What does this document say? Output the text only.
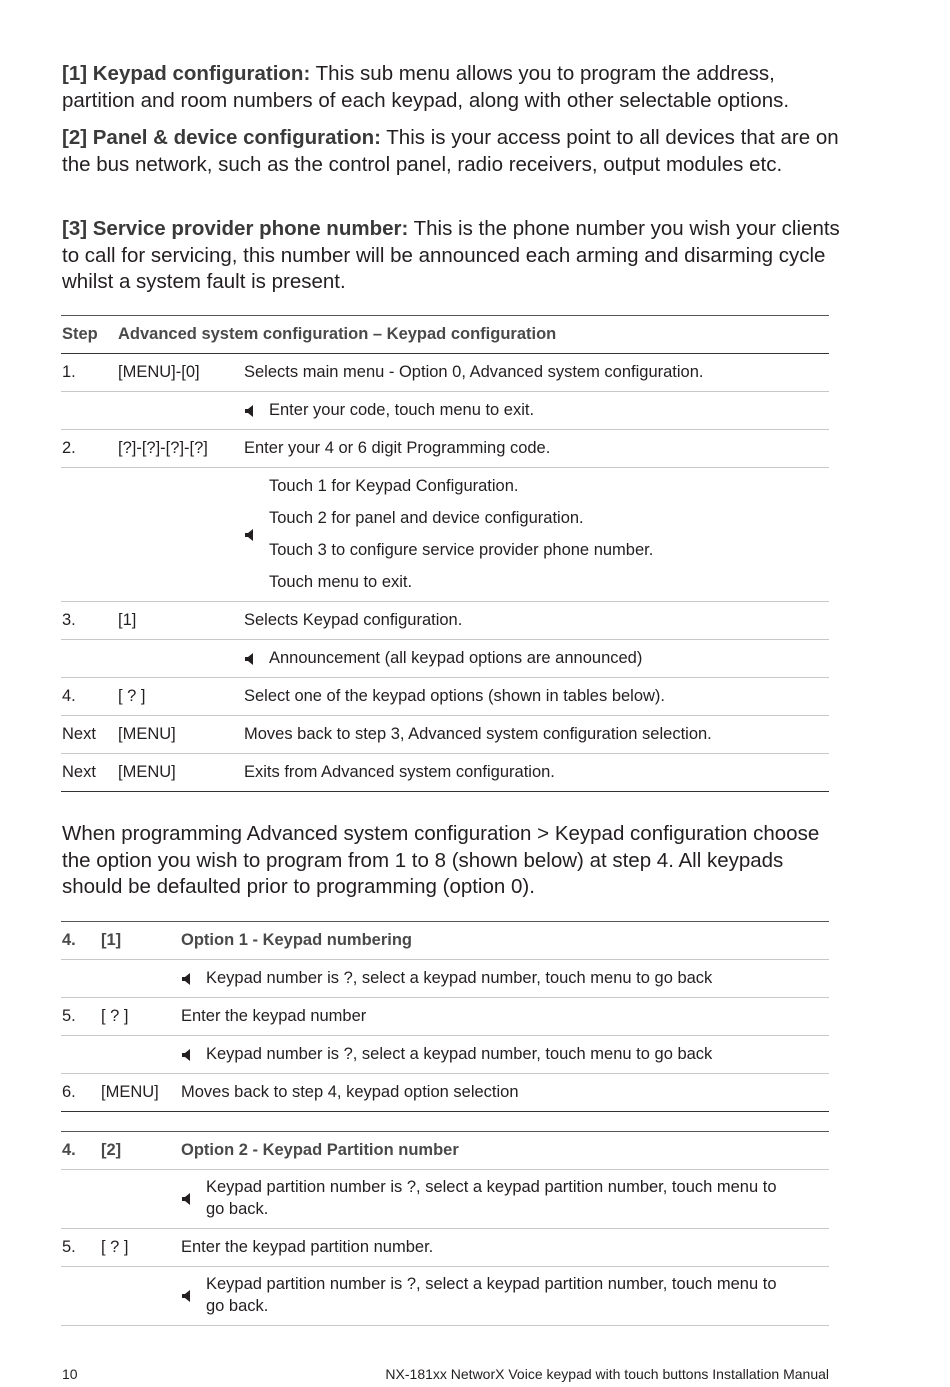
[1] Keypad configuration: This sub menu allows you to program the address, partition and room numbers of each keypad, along with other selectable options.

[2] Panel & device configuration: This is your access point to all devices that are on the bus network, such as the control panel, radio receivers, output modules etc.

[3] Service provider phone number: This is the phone number you wish your clients to call for servicing, this number will be announced each arming and disarming cycle whilst a system fault is present.

Step Advanced system configuration – Keypad configuration
1.	[MENU]-[0]	Selects main menu - Option 0, Advanced system configuration.
Enter your code, touch menu to exit.
2.	[?]-[?]-[?]-[?] Enter your 4 or 6 digit Programming code.
Touch 1 for Keypad Configuration.
Touch 2 for panel and device configuration.
Touch 3 to configure service provider phone number.
Touch menu to exit.
3.	[1]	Selects Keypad configuration.
Announcement (all keypad options are announced)
4.	[ ? ]	Select one of the keypad options (shown in tables below).
Next [MENU]	Moves back to step 3, Advanced system configuration selection.
Next [MENU]	Exits from Advanced system configuration.

When programming Advanced system configuration > Keypad configuration choose the option you wish to program from 1 to 8 (shown below) at step 4. All keypads should be defaulted prior to programming (option 0).

4. [1]	Option 1 - Keypad numbering
Keypad number is ?, select a keypad number, touch menu to go back
5. [ ? ]	Enter the keypad number
Keypad number is ?, select a keypad number, touch menu to go back
6. [MENU] Moves back to step 4, keypad option selection
4. [2]	Option 2 - Keypad Partition number
Keypad partition number is ?, select a keypad partition number, touch menu to
go back.
5. [ ? ]	Enter the keypad partition number.
Keypad partition number is ?, select a keypad partition number, touch menu to
go back.
10	NX-181xx NetworX Voice keypad with touch buttons Installation Manual
